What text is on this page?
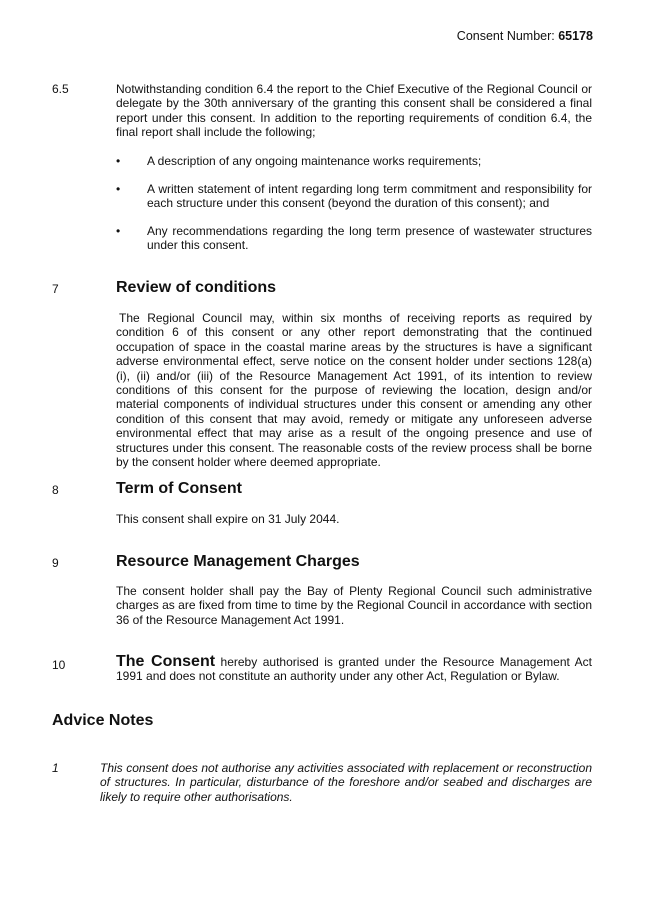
Consent Number: 65178
6.5	Notwithstanding condition 6.4 the report to the Chief Executive of the Regional Council or delegate by the 30th anniversary of the granting this consent shall be considered a final report under this consent. In addition to the reporting requirements of condition 6.4, the final report shall include the following;
• A description of any ongoing maintenance works requirements;
• A written statement of intent regarding long term commitment and responsibility for each structure under this consent (beyond the duration of this consent); and
• Any recommendations regarding the long term presence of wastewater structures under this consent.
7	Review of conditions
The Regional Council may, within six months of receiving reports as required by condition 6 of this consent or any other report demonstrating that the continued occupation of space in the coastal marine areas by the structures is have a significant adverse environmental effect, serve notice on the consent holder under sections 128(a)(i), (ii) and/or (iii) of the Resource Management Act 1991, of its intention to review conditions of this consent for the purpose of reviewing the location, design and/or material components of individual structures under this consent or amending any other condition of this consent that may avoid, remedy or mitigate any unforeseen adverse environmental effect that may arise as a result of the ongoing presence and use of structures under this consent. The reasonable costs of the review process shall be borne by the consent holder where deemed appropriate.
8	Term of Consent
This consent shall expire on 31 July 2044.
9	Resource Management Charges
The consent holder shall pay the Bay of Plenty Regional Council such administrative charges as are fixed from time to time by the Regional Council in accordance with section 36 of the Resource Management Act 1991.
10	The Consent hereby authorised is granted under the Resource Management Act 1991 and does not constitute an authority under any other Act, Regulation or Bylaw.
Advice Notes
1	This consent does not authorise any activities associated with replacement or reconstruction of structures. In particular, disturbance of the foreshore and/or seabed and discharges are likely to require other authorisations.
